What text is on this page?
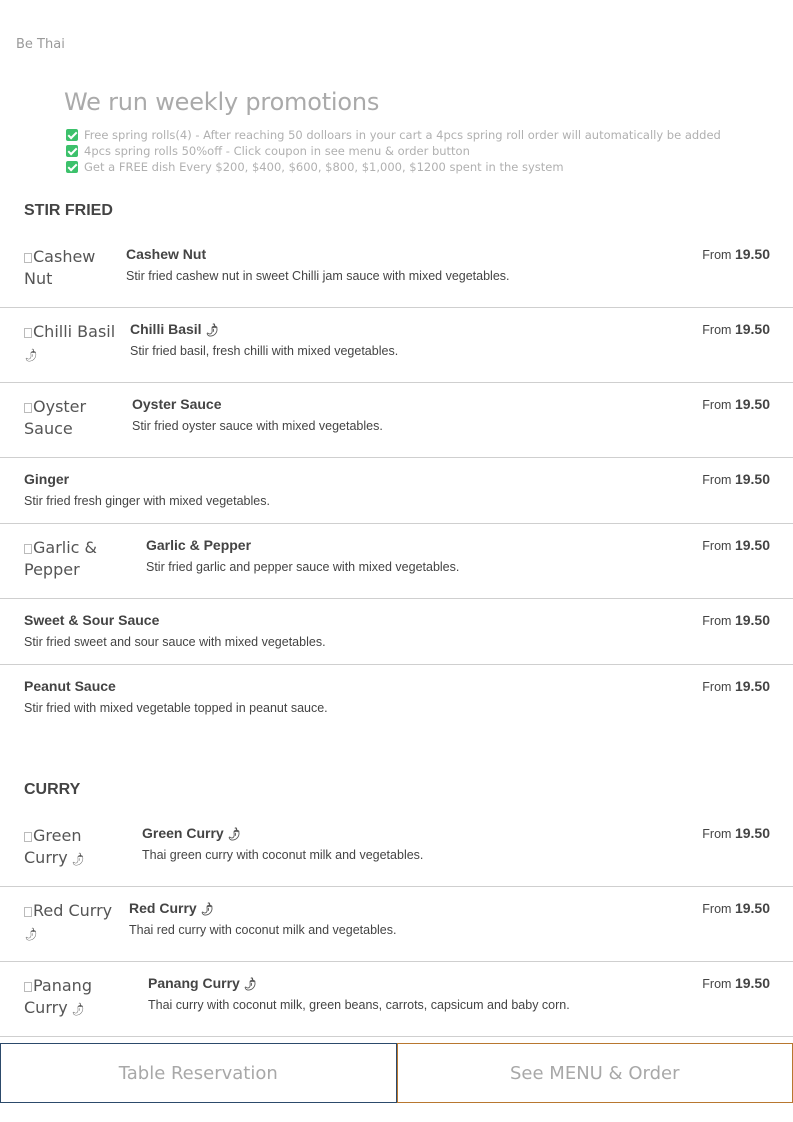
Be Thai
We run weekly promotions
Free spring rolls(4) - After reaching 50 dolloars in your cart a 4pcs spring roll order will automatically be added
4pcs spring rolls 50%off - Click coupon in see menu & order button
Get a FREE dish Every $200, $400, $600, $800, $1,000, $1200 spent in the system
STIR FRIED
Cashew
Nut
Cashew Nut
Stir fried cashew nut in sweet Chilli jam sauce with mixed vegetables.
From 19.50
Chilli Basil
🌶
Chilli Basil 🌶
Stir fried basil, fresh chilli with mixed vegetables.
From 19.50
Oyster
Sauce
Oyster Sauce
Stir fried oyster sauce with mixed vegetables.
From 19.50
Ginger
Stir fried fresh ginger with mixed vegetables.
From 19.50
Garlic &
Pepper
Garlic & Pepper
Stir fried garlic and pepper sauce with mixed vegetables.
From 19.50
Sweet & Sour Sauce
Stir fried sweet and sour sauce with mixed vegetables.
From 19.50
Peanut Sauce
Stir fried with mixed vegetable topped in peanut sauce.
From 19.50
CURRY
Green
Curry🌶
Green Curry 🌶
Thai green curry with coconut milk and vegetables.
From 19.50
Red Curry
🌶
Red Curry 🌶
Thai red curry with coconut milk and vegetables.
From 19.50
Panang
Curry🌶
Panang Curry 🌶
Thai curry with coconut milk, green beans, carrots, capsicum and baby corn.
From 19.50
Table Reservation	See MENU & Order
